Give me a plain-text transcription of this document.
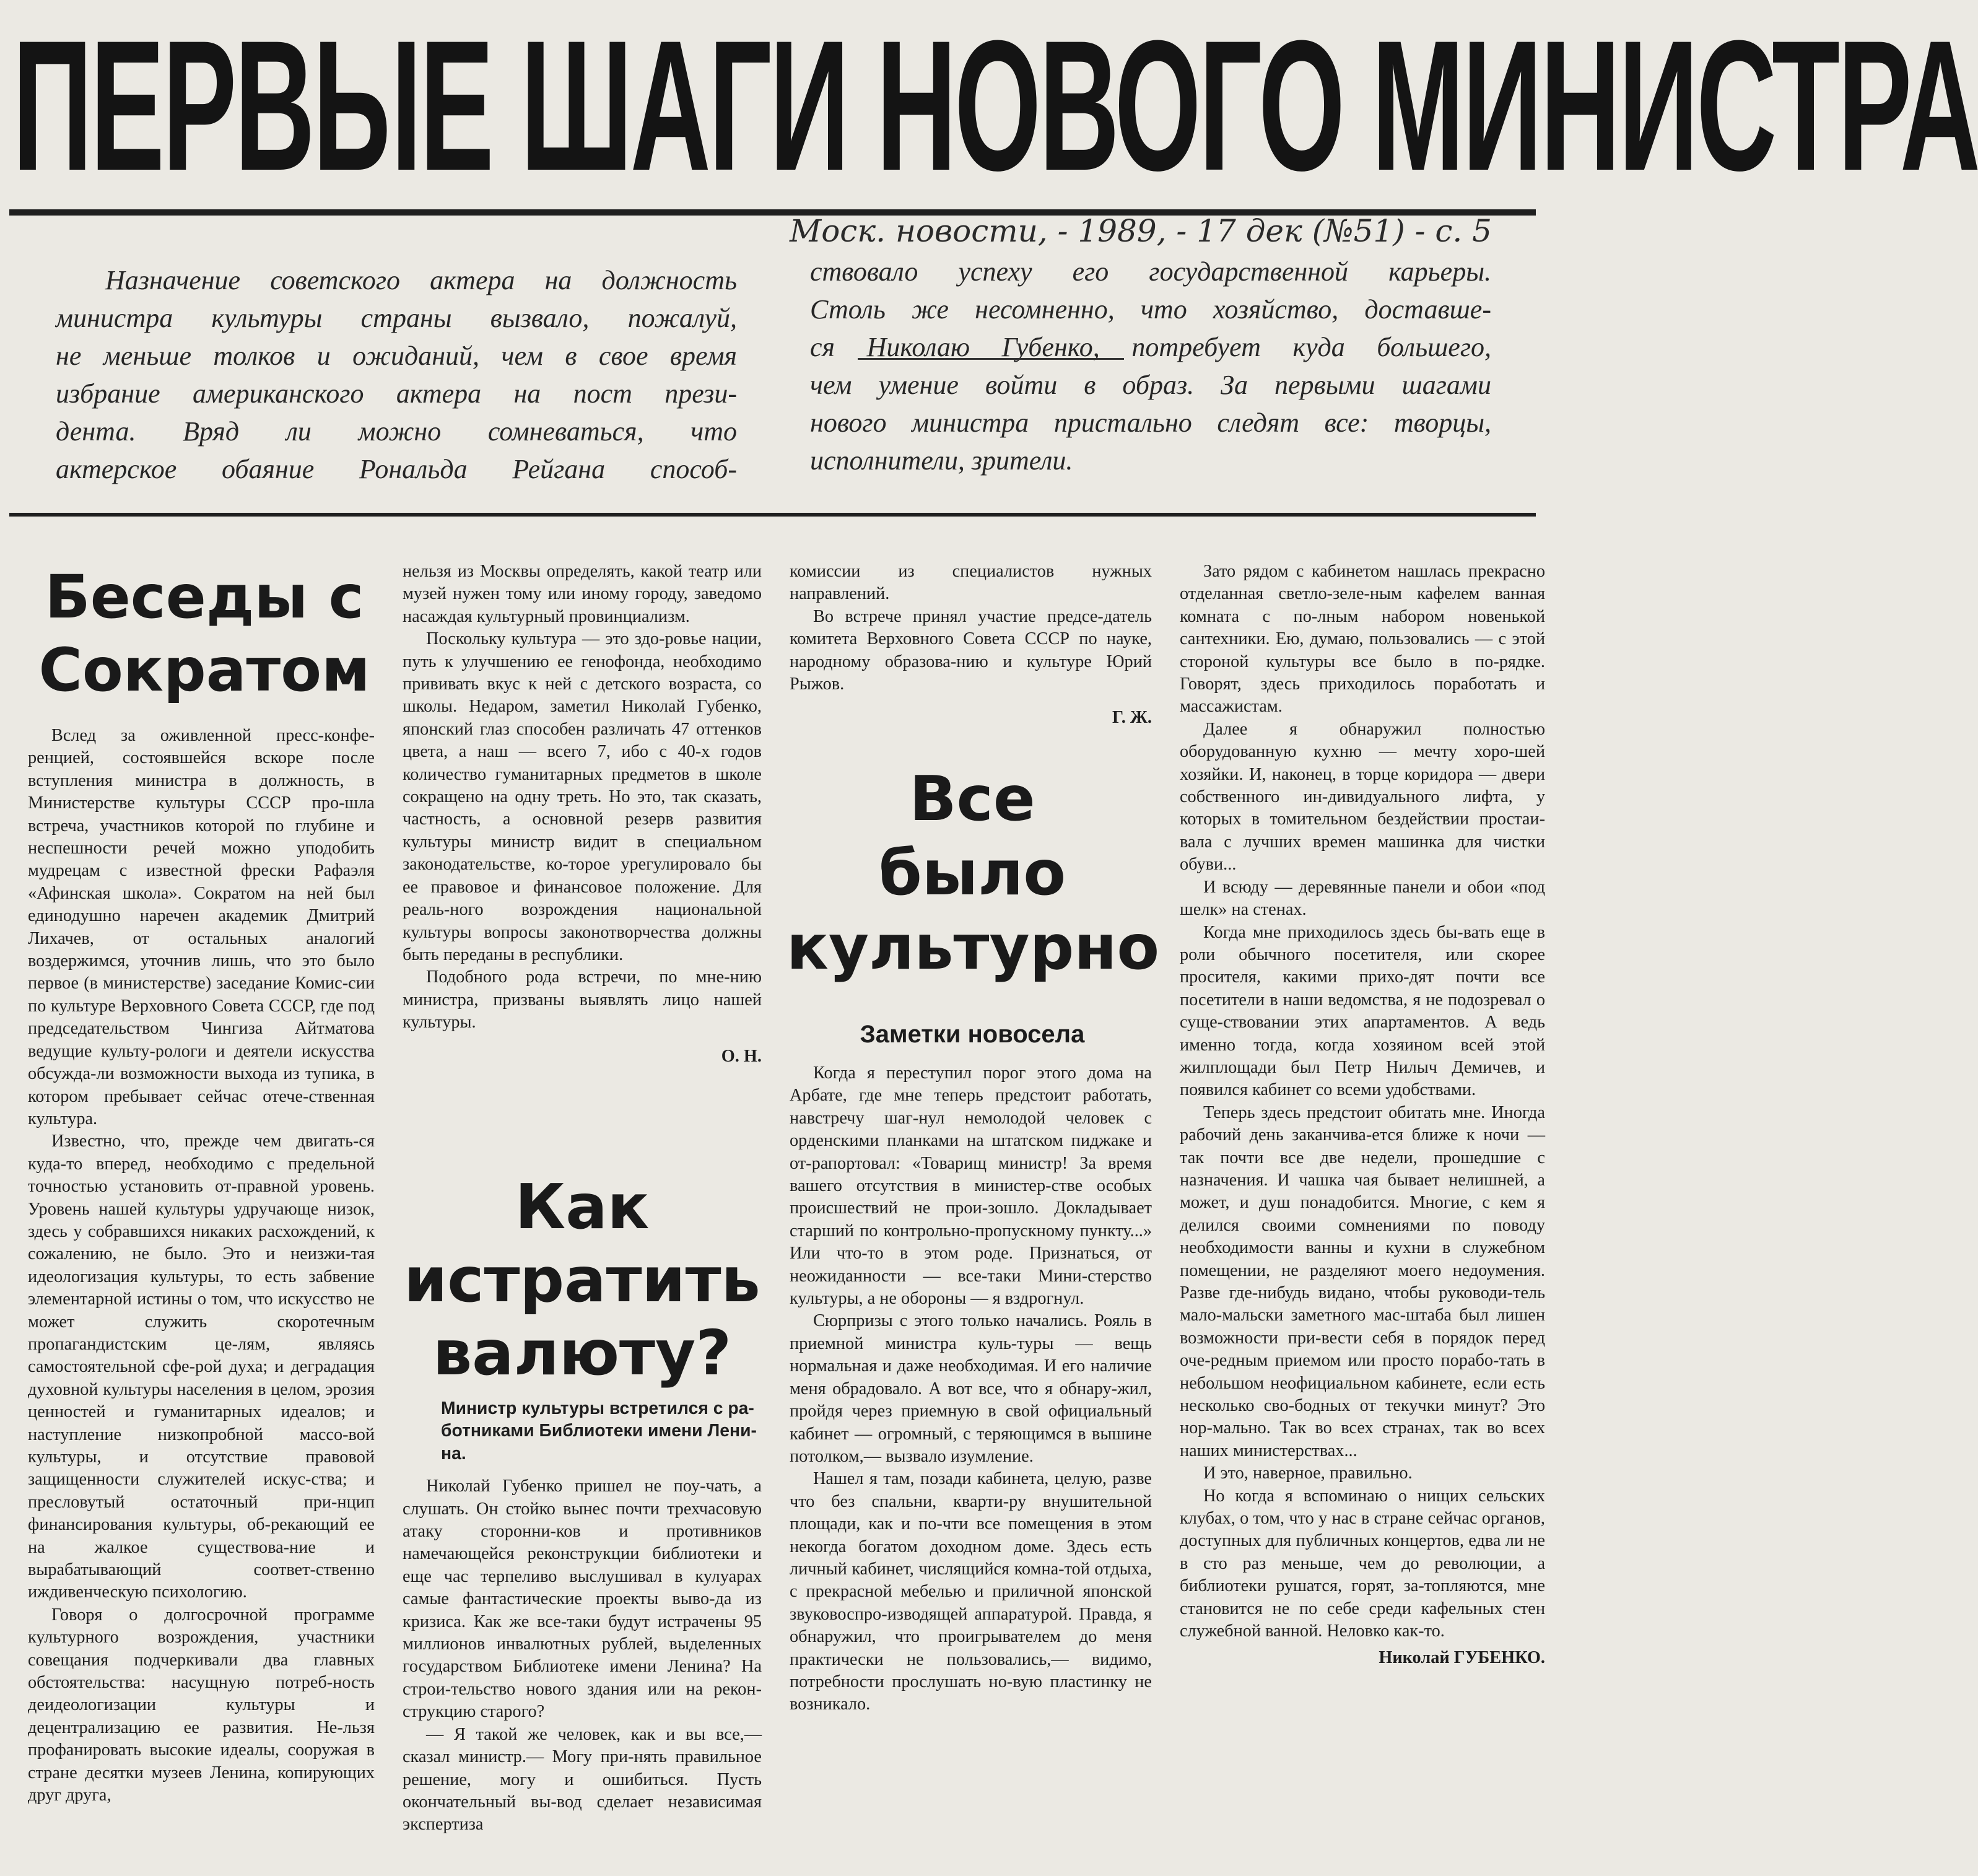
ПЕРВЫЕ ШАГИ НОВОГО МИНИСТРА
Моск. новости, - 1989, - 17 дек (№51) - с. 5

Назначение советского актера на должность

министра культуры страны вызвало, пожалуй,

не меньше толков и ожиданий, чем в свое время

избрание американского актера на пост прези-

дента. Вряд ли можно сомневаться, что

актерское обаяние Рональда Рейгана способ-

ствовало успеху его государственной карьеры.

Столь же несомненно, что хозяйство, доставше-

ся Николаю Губенко, потребует куда большего,

чем умение войти в образ. За первыми шагами

нового министра пристально следят все: творцы,

исполнители, зрители.

Беседы с
Сократом

Вслед за оживленной пресс-конфе-ренцией, состоявшейся вскоре после вступления министра в должность, в Министерстве культуры СССР про-шла встреча, участников которой по глубине и неспешности речей можно уподобить мудрецам с известной фрески Рафаэля «Афинская школа». Сократом на ней был единодушно наречен академик Дмитрий Лихачев, от остальных аналогий воздержимся, уточнив лишь, что это было первое (в министерстве) заседание Комис-сии по культуре Верховного Совета СССР, где под председательством Чингиза Айтматова ведущие культу-рологи и деятели искусства обсужда-ли возможности выхода из тупика, в котором пребывает сейчас отече-ственная культура.

Известно, что, прежде чем двигать-ся куда-то вперед, необходимо с предельной точностью установить от-правной уровень. Уровень нашей культуры удручающе низок, здесь у собравшихся никаких расхождений, к сожалению, не было. Это и неизжи-тая идеологизация культуры, то есть забвение элементарной истины о том, что искусство не может служить скоротечным пропагандистским це-лям, являясь самостоятельной сфе-рой духа; и деградация духовной культуры населения в целом, эрозия ценностей и гуманитарных идеалов; и наступление низкопробной массо-вой культуры, и отсутствие правовой защищенности служителей искус-ства; и пресловутый остаточный при-нцип финансирования культуры, об-рекающий ее на жалкое существова-ние и вырабатывающий соответ-ственно иждивенческую психологию.

Говоря о долгосрочной программе культурного возрождения, участники совещания подчеркивали два главных обстоятельства: насущную потреб-ность деидеологизации культуры и децентрализацию ее развития. Не-льзя профанировать высокие идеалы, сооружая в стране десятки музеев Ленина, копирующих друг друга,

нельзя из Москвы определять, какой театр или музей нужен тому или иному городу, заведомо насаждая культурный провинциализм.

Поскольку культура — это здо-ровье нации, путь к улучшению ее генофонда, необходимо прививать вкус к ней с детского возраста, со школы. Недаром, заметил Николай Губенко, японский глаз способен различать 47 оттенков цвета, а наш — всего 7, ибо с 40-х годов количество гуманитарных предметов в школе сокращено на одну треть. Но это, так сказать, частность, а основной резерв развития культуры министр видит в специальном законодательстве, ко-торое урегулировало бы ее правовое и финансовое положение. Для реаль-ного возрождения национальной культуры вопросы законотворчества должны быть переданы в республики.

Подобного рода встречи, по мне-нию министра, призваны выявлять лицо нашей культуры.

О. Н.

Как
истратить
валюту?

Министр культуры встретился с ра-ботниками Библиотеки имени Лени-на.

Николай Губенко пришел не поу-чать, а слушать. Он стойко вынес почти трехчасовую атаку сторонни-ков и противников намечающейся реконструкции библиотеки и еще час терпеливо выслушивал в кулуарах самые фантастические проекты выво-да из кризиса. Как же все-таки будут истрачены 95 миллионов инвалютных рублей, выделенных государством Библиотеке имени Ленина? На строи-тельство нового здания или на рекон-струкцию старого?

— Я такой же человек, как и вы все,— сказал министр.— Могу при-нять правильное решение, могу и ошибиться. Пусть окончательный вы-вод сделает независимая экспертиза

комиссии из специалистов нужных направлений.

Во встрече принял участие предсе-датель комитета Верховного Совета СССР по науке, народному образова-нию и культуре Юрий Рыжов.

Г. Ж.

Все
было
культурно
Заметки новосела

Когда я переступил порог этого дома на Арбате, где мне теперь предстоит работать, навстречу шаг-нул немолодой человек с орденскими планками на штатском пиджаке и от-рапортовал: «Товарищ министр! За время вашего отсутствия в министер-стве особых происшествий не прои-зошло. Докладывает старший по контрольно-пропускному пункту...» Или что-то в этом роде. Признаться, от неожиданности — все-таки Мини-стерство культуры, а не обороны — я вздрогнул.

Сюрпризы с этого только начались. Рояль в приемной министра куль-туры — вещь нормальная и даже необходимая. И его наличие меня обрадовало. А вот все, что я обнару-жил, пройдя через приемную в свой официальный кабинет — огромный, с теряющимся в вышине потолком,— вызвало изумление.

Нашел я там, позади кабинета, целую, разве что без спальни, кварти-ру внушительной площади, как и по-чти все помещения в этом некогда богатом доходном доме. Здесь есть личный кабинет, числящийся комна-той отдыха, с прекрасной мебелью и приличной японской звуковоспро-изводящей аппаратурой. Правда, я обнаружил, что проигрывателем до меня практически не пользовались,— видимо, потребности прослушать но-вую пластинку не возникало.

Зато рядом с кабинетом нашлась прекрасно отделанная светло-зеле-ным кафелем ванная комната с по-лным набором новенькой сантехники. Ею, думаю, пользовались — с этой стороной культуры все было в по-рядке. Говорят, здесь приходилось поработать и массажистам.

Далее я обнаружил полностью оборудованную кухню — мечту хоро-шей хозяйки. И, наконец, в торце коридора — двери собственного ин-дивидуального лифта, у которых в томительном бездействии простаи-вала с лучших времен машинка для чистки обуви...

И всюду — деревянные панели и обои «под шелк» на стенах.

Когда мне приходилось здесь бы-вать еще в роли обычного посетителя, или скорее просителя, какими прихо-дят почти все посетители в наши ведомства, я не подозревал о суще-ствовании этих апартаментов. А ведь именно тогда, когда хозяином всей этой жилплощади был Петр Нилыч Демичев, и появился кабинет со всеми удобствами.

Теперь здесь предстоит обитать мне. Иногда рабочий день заканчива-ется ближе к ночи — так почти все две недели, прошедшие с назначения. И чашка чая бывает нелишней, а может, и душ понадобится. Многие, с кем я делился своими сомнениями по поводу необходимости ванны и кухни в служебном помещении, не разделяют моего недоумения. Разве где-нибудь видано, чтобы руководи-тель мало-мальски заметного мас-штаба был лишен возможности при-вести себя в порядок перед оче-редным приемом или просто порабо-тать в небольшом неофициальном кабинете, если есть несколько сво-бодных от текучки минут? Это нор-мально. Так во всех странах, так во всех наших министерствах...

И это, наверное, правильно.

Но когда я вспоминаю о нищих сельских клубах, о том, что у нас в стране сейчас органов, доступных для публичных концертов, едва ли не в сто раз меньше, чем до революции, а библиотеки рушатся, горят, за-топляются, мне становится не по себе среди кафельных стен служебной ванной. Неловко как-то.

Николай ГУБЕНКО.
